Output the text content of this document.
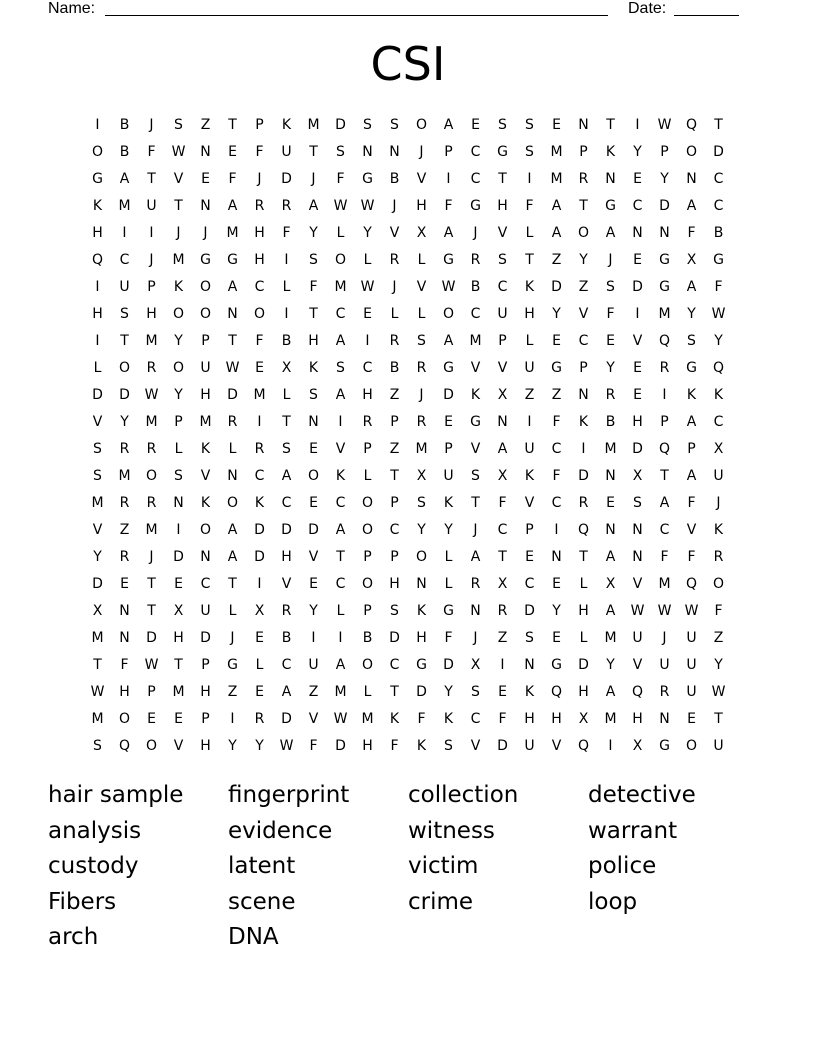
Name:	Date:
CSI
I	B	J	S	Z	T	P	K	M	D	S	S	O	A	E	S	S	E	N	T	I	W	Q	T
O	B	F	W	N	E	F	U	T	S	N	N	J	P	C	G	S	M	P	K	Y	P	O	D
G	A	T	V	E	F	J	D	J	F	G	B	V	I	C	T	I	M	R	N	E	Y	N	C
K	M	U	T	N	A	R	R	A	W W	J	H	F	G	H	F	A	T	G	C	D	A	C
H	I	I	J	J	M	H	F	Y	L	Y	V	X	A	J	V	L	A	O	A	N	N	F	B
Q	C	J	M	G	G	H	I	S	O	L	R	L	G	R	S	T	Z	Y	J	E	G	X	G
I	U	P	K	O	A	C	L	F	M	W	J	V	W	B	C	K	D	Z	S	D	G	A	F
H	S	H	O	O	N	O	I	T	C	E	L	L	O	C	U	H	Y	V	F	I	M	Y	W
I	T	M	Y	P	T	F	B	H	A	I	R	S	A	M	P	L	E	C	E	V	Q	S	Y
L	O	R	O	U	W	E	X	K	S	C	B	R	G	V	V	U	G	P	Y	E	R	G	Q
D	D	W	Y	H	D	M	L	S	A	H	Z	J	D	K	X	Z	Z	N	R	E	I	K	K
V	Y	M	P	M	R	I	T	N	I	R	P	R	E	G	N	I	F	K	B	H	P	A	C
S	R	R	L	K	L	R	S	E	V	P	Z	M	P	V	A	U	C	I	M	D	Q	P	X
S	M	O	S	V	N	C	A	O	K	L	T	X	U	S	X	K	F	D	N	X	T	A	U
M	R	R	N	K	O	K	C	E	C	O	P	S	K	T	F	V	C	R	E	S	A	F	J
V	Z	M	I	O	A	D	D	D	A	O	C	Y	Y	J	C	P	I	Q	N	N	C	V	K
Y	R	J	D	N	A	D	H	V	T	P	P	O	L	A	T	E	N	T	A	N	F	F	R
D	E	T	E	C	T	I	V	E	C	O	H	N	L	R	X	C	E	L	X	V	M	Q	O
X	N	T	X	U	L	X	R	Y	L	P	S	K	G	N	R	D	Y	H	A	W W W	F
M	N	D	H	D	J	E	B	I	I	B	D	H	F	J	Z	S	E	L	M	U	J	U	Z
T	F	W	T	P	G	L	C	U	A	O	C	G	D	X	I	N	G	D	Y	V	U	U	Y
W	H	P	M	H	Z	E	A	Z	M	L	T	D	Y	S	E	K	Q	H	A	Q	R	U	W
M	O	E	E	P	I	R	D	V	W	M	K	F	K	C	F	H	H	X	M	H	N	E	T
S	Q	O	V	H	Y	Y	W	F	D	H	F	K	S	V	D	U	V	Q	I	X	G	O	U
hair sample	fingerprint	collection	detective
analysis	evidence	witness	warrant
custody	latent	victim	police
Fibers	scene	crime	loop
arch	DNA
